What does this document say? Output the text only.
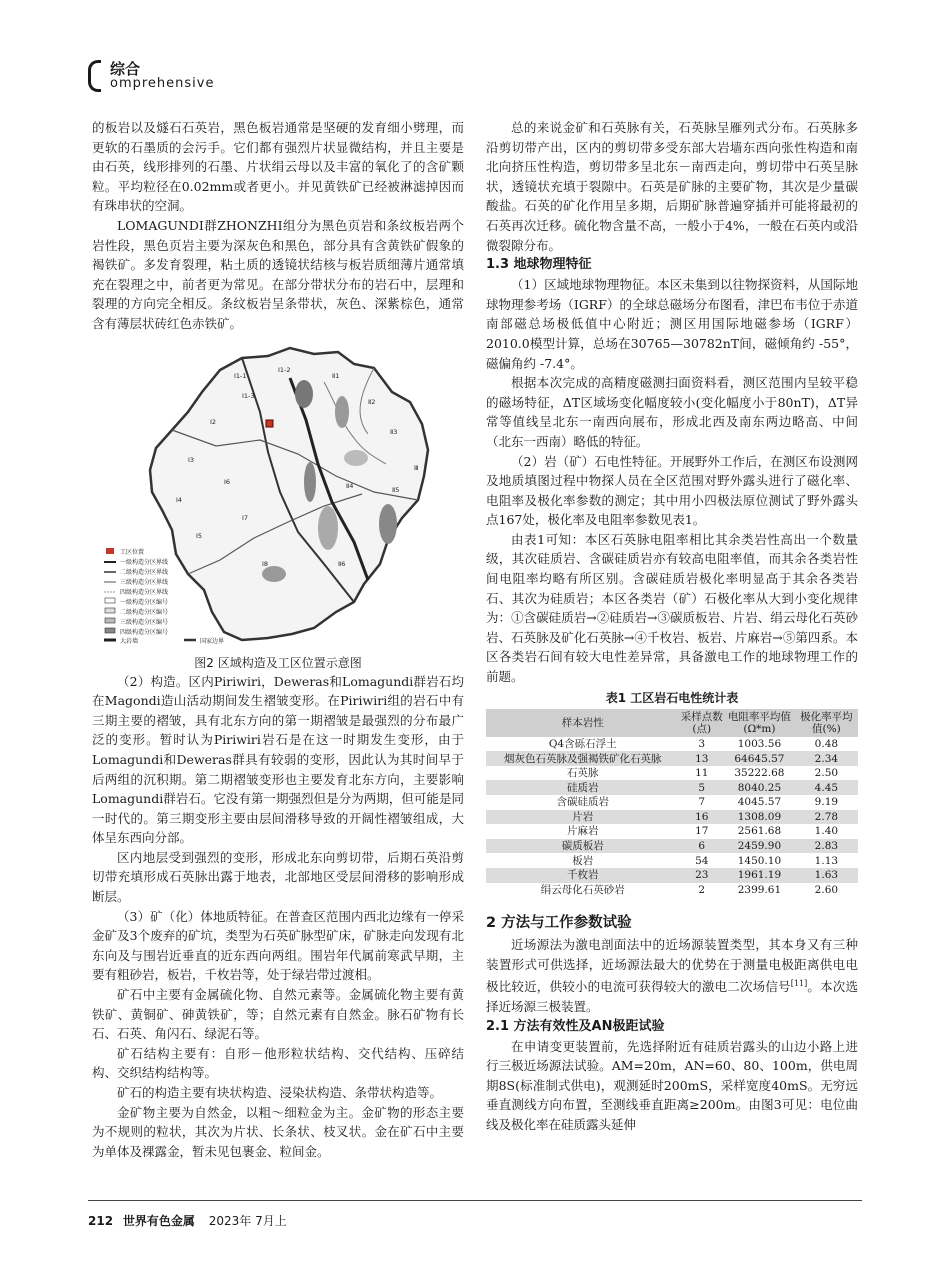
综合
omprehensive

的板岩以及燧石石英岩，黑色板岩通常是坚硬的发育细小劈理，而更软的石墨质的会污手。它们都有强烈片状显微结构，并且主要是由石英，线形排列的石墨、片状绢云母以及丰富的氧化了的含矿颗粒。平均粒径在0.02mm或者更小。并见黄铁矿已经被淋滤掉因而有珠串状的空洞。

LOMAGUNDI群ZHONZHI组分为黑色页岩和条纹板岩两个岩性段，黑色页岩主要为深灰色和黑色，部分具有含黄铁矿假象的褐铁矿。多发育裂理，粘土质的透镜状结核与板岩质细薄片通常填充在裂理之中，前者更为常见。在部分带状分布的岩石中，层理和裂理的方向完全相反。条纹板岩呈条带状，灰色、深紫棕色，通常含有薄层状砖红色赤铁矿。

Ⅰ1-1
Ⅰ1-2
Ⅰ1-3
Ⅰ2
Ⅰ3
Ⅰ4
Ⅰ5
Ⅰ6
Ⅰ7
Ⅰ8
Ⅱ1
Ⅱ2
Ⅱ3
Ⅱ4	Ⅱ5
Ⅱ6
Ⅲ
工区位置
一级构造分区界线
二级构造分区界线
三级构造分区界线
四级构造分区界线
一级构造分区编号
二级构造分区编号
三级构造分区编号
四级构造分区编号
大岩墙	国家边界
图2 区域构造及工区位置示意图

（2）构造。区内Piriwiri，Deweras和Lomagundi群岩石均在Magondi造山活动期间发生褶皱变形。在Piriwiri组的岩石中有三期主要的褶皱，具有北东方向的第一期褶皱是最强烈的分布最广泛的变形。暂时认为Piriwiri岩石是在这一时期发生变形，由于Lomagundi和Deweras群具有较弱的变形，因此认为其时间早于后两组的沉积期。第二期褶皱变形也主要发育北东方向，主要影响Lomagundi群岩石。它没有第一期强烈但是分为两期，但可能是同一时代的。第三期变形主要由层间滑移导致的开阔性褶皱组成，大体呈东西向分部。

区内地层受到强烈的变形，形成北东向剪切带，后期石英沿剪切带充填形成石英脉出露于地表，北部地区受层间滑移的影响形成断层。

（3）矿（化）体地质特征。在普查区范围内西北边缘有一停采金矿及3个废弃的矿坑，类型为石英矿脉型矿床，矿脉走向发现有北东向及与围岩近垂直的近东西向两组。围岩年代属前寒武早期，主要有粗砂岩，板岩，千枚岩等，处于绿岩带过渡相。

矿石中主要有金属硫化物、自然元素等。金属硫化物主要有黄铁矿、黄铜矿、砷黄铁矿，等；自然元素有自然金。脉石矿物有长石、石英、角闪石、绿泥石等。

矿石结构主要有：自形－他形粒状结构、交代结构、压碎结构、交织结构结构等。

矿石的构造主要有块状构造、浸染状构造、条带状构造等。

金矿物主要为自然金，以粗～细粒金为主。金矿物的形态主要为不规则的粒状，其次为片状、长条状、枝叉状。金在矿石中主要为单体及裸露金，暂未见包裹金、粒间金。

总的来说金矿和石英脉有关，石英脉呈雁列式分布。石英脉多沿剪切带产出，区内的剪切带多受东部大岩墙东西向张性构造和南北向挤压性构造，剪切带多呈北东－南西走向，剪切带中石英呈脉状，透镜状充填于裂隙中。石英是矿脉的主要矿物，其次是少量碳酸盐。石英的矿化作用呈多期，后期矿脉普遍穿插并可能将最初的石英再次迁移。硫化物含量不高，一般小于4%，一般在石英内或沿微裂隙分布。

1.3 地球物理特征

（1）区域地球物理物征。本区未集到以往物探资料，从国际地球物理参考场（IGRF）的全球总磁场分布图看，津巴布韦位于赤道南部磁总场极低值中心附近；测区用国际地磁参场（IGRF）2010.0模型计算，总场在30765—30782nT间，磁倾角约 -55°，磁偏角约 -7.4°。

根据本次完成的高精度磁测扫面资料看，测区范围内呈较平稳的磁场特征，ΔT区域场变化幅度较小(变化幅度小于80nT)，ΔT异常等值线呈北东一南西向展布，形成北西及南东两边略高、中间（北东一西南）略低的特征。

（2）岩（矿）石电性特征。开展野外工作后，在测区布设测网及地质填图过程中物探人员在全区范围对野外露头进行了磁化率、电阻率及极化率参数的测定；其中用小四极法原位测试了野外露头点167处，极化率及电阻率参数见表1。

由表1可知：本区石英脉电阻率相比其余类岩性高出一个数量级，其次硅质岩、含碳硅质岩亦有较高电阻率值，而其余各类岩性间电阻率均略有所区别。含碳硅质岩极化率明显高于其余各类岩石、其次为硅质岩；本区各类岩（矿）石极化率从大到小变化规律为：①含碳硅质岩→②硅质岩→③碳质板岩、片岩、绢云母化石英砂岩、石英脉及矿化石英脉→④千枚岩、板岩、片麻岩→⑤第四系。本区各类岩石间有较大电性差异常，具备激电工作的地球物理工作的前题。

表1 工区岩石电性统计表
样本岩性	采样点数(点)	电阻率平均值(Ω*m)	极化率平均值(%)
Q4含砾石浮土	3	1003.56	0.48
烟灰色石英脉及强褐铁矿化石英脉	13	64645.57	2.34
石英脉	11	35222.68	2.50
硅质岩	5	8040.25	4.45
含碳硅质岩	7	4045.57	9.19
片岩	16	1308.09	2.78
片麻岩	17	2561.68	1.40
碳质板岩	6	2459.90	2.83
板岩	54	1450.10	1.13
千枚岩	23	1961.19	1.63
绢云母化石英砂岩	2	2399.61	2.60
2 方法与工作参数试验

近场源法为激电剖面法中的近场源装置类型，其本身又有三种装置形式可供选择，近场源法最大的优势在于测量电极距离供电电极比较近，供较小的电流可获得较大的激电二次场信号[11]。本次选择近场源三极装置。

2.1 方法有效性及AN极距试验

在申请变更装置前，先选择附近有硅质岩露头的山边小路上进行三极近场源法试验。AM=20m，AN=60、80、100m，供电周期8S(标准制式供电)，观测延时200mS，采样宽度40mS。无穷远垂直测线方向布置，至测线垂直距离≥200m。由图3可见：电位曲线及极化率在硅质露头延伸

212 世界有色金属 2023年 7月上
